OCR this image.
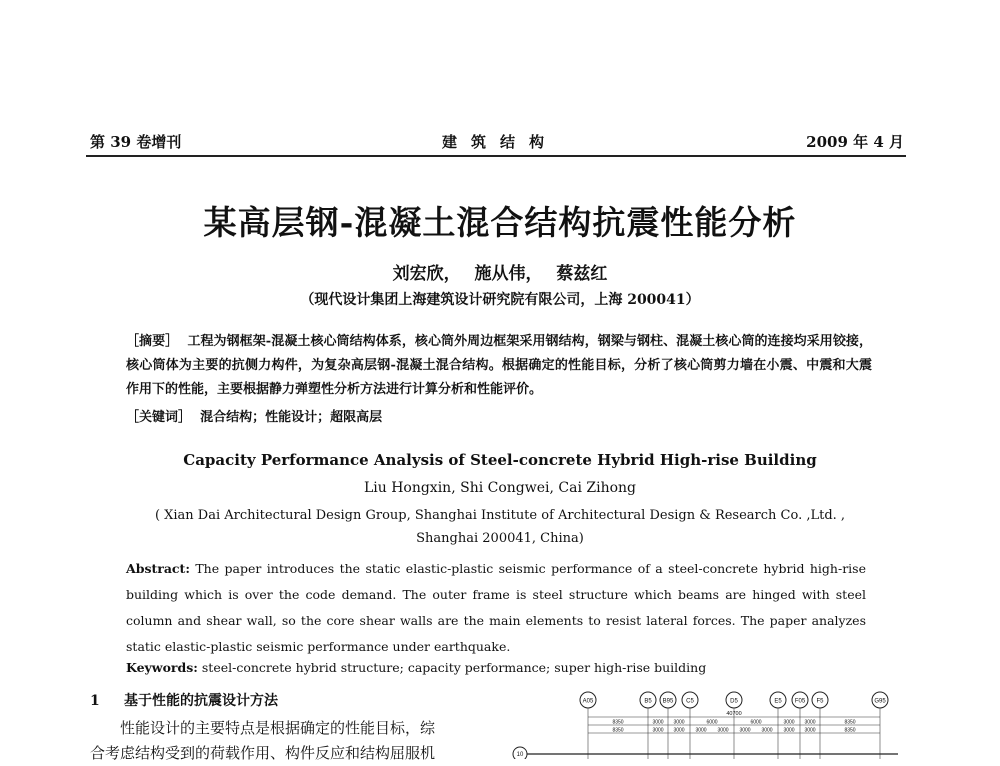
第 39 卷增刊	建筑结构	2009 年 4 月
某高层钢-混凝土混合结构抗震性能分析
刘宏欣， 施从伟， 蔡兹红
（现代设计集团上海建筑设计研究院有限公司，上海 200041）
［摘要］ 工程为钢框架-混凝土核心筒结构体系，核心筒外周边框架采用钢结构，钢梁与钢柱、混凝土核心筒的连接均采用铰接，核心筒体为主要的抗侧力构件，为复杂高层钢-混凝土混合结构。根据确定的性能目标，分析了核心筒剪力墙在小震、中震和大震作用下的性能，主要根据静力弹塑性分析方法进行计算分析和性能评价。
［关键词］ 混合结构；性能设计；超限高层
Capacity Performance Analysis of Steel-concrete Hybrid High-rise Building
Liu Hongxin, Shi Congwei, Cai Zihong
( Xian Dai Architectural Design Group, Shanghai Institute of Architectural Design & Research Co. ,Ltd. ,
Shanghai 200041, China)
Abstract: The paper introduces the static elastic-plastic seismic performance of a steel-concrete hybrid high-rise building which is over the code demand. The outer frame is steel structure which beams are hinged with steel column and shear wall, so the core shear walls are the main elements to resist lateral forces. The paper analyzes static elastic-plastic seismic performance under earthquake.
Keywords: steel-concrete hybrid structure; capacity performance; super high-rise building
1 基于性能的抗震设计方法

性能设计的主要特点是根据确定的性能目标，综

合考虑结构受到的荷载作用、构件反应和结构屈服机

A05	B5 B95 C5	D5	E5 F05 F5	G95
10
40700
8350	3000 3000	6000	6000	3000 3000	8350
8350	3000 3000 3000 3000 3000 3000 3000 3000	8350
